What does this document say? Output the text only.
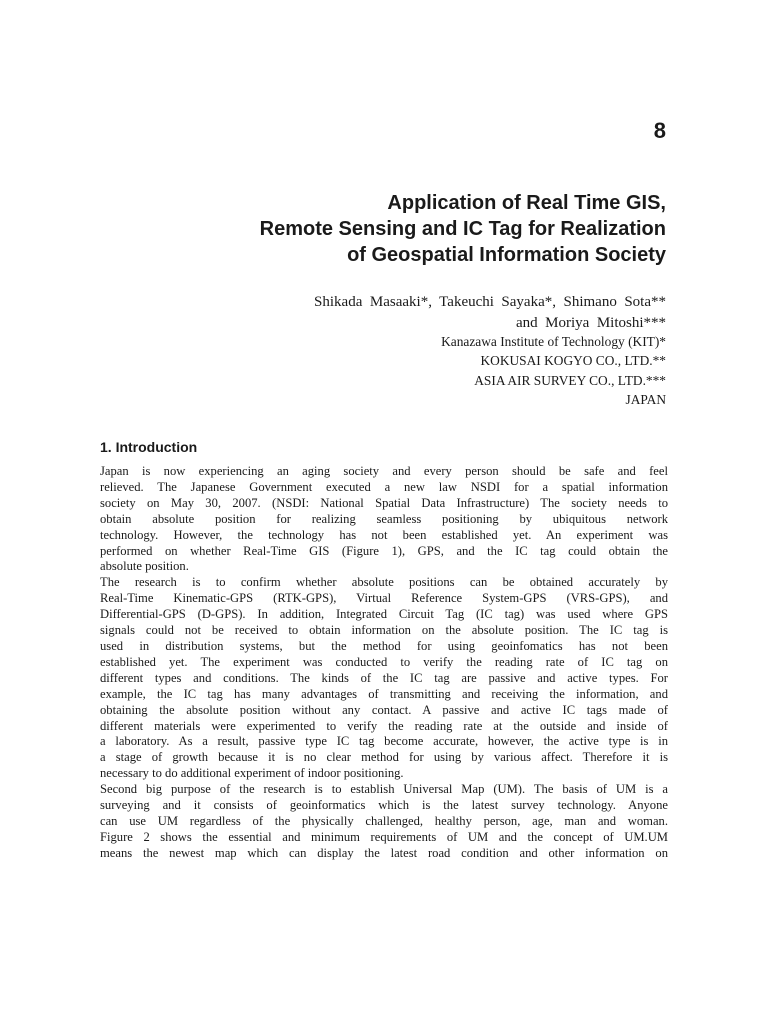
8
Application of Real Time GIS,
Remote Sensing and IC Tag for Realization
of Geospatial Information Society
Shikada  Masaaki*,  Takeuchi  Sayaka*,  Shimano  Sota**
and  Moriya  Mitoshi***
Kanazawa Institute of Technology (KIT)*
KOKUSAI KOGYO CO., LTD.**
ASIA AIR SURVEY CO., LTD.***
JAPAN
1. Introduction
Japan is now experiencing an aging society and every person should be safe and feel
relieved. The Japanese Government executed a new law NSDI for a spatial information
society on May 30, 2007. (NSDI: National Spatial Data Infrastructure) The society needs to
obtain absolute position for realizing seamless positioning by ubiquitous network
technology. However, the technology has not been established yet. An experiment was
performed on whether Real-Time GIS (Figure 1), GPS, and the IC tag could obtain the
absolute position.
The research is to confirm whether absolute positions can be obtained accurately by
Real-Time Kinematic-GPS (RTK-GPS), Virtual Reference System-GPS (VRS-GPS), and
Differential-GPS (D-GPS). In addition, Integrated Circuit Tag (IC tag) was used where GPS
signals could not be received to obtain information on the absolute position. The IC tag is
used in distribution systems, but the method for using geoinfomatics has not been
established yet. The experiment was conducted to verify the reading rate of IC tag on
different types and conditions. The kinds of the IC tag are passive and active types. For
example, the IC tag has many advantages of transmitting and receiving the information, and
obtaining the absolute position without any contact. A passive and active IC tags made of
different materials were experimented to verify the reading rate at the outside and inside of
a laboratory. As a result, passive type IC tag become accurate, however, the active type is in
a stage of growth because it is no clear method for using by various affect. Therefore it is
necessary to do additional experiment of indoor positioning.
Second big purpose of the research is to establish Universal Map (UM). The basis of UM is a
surveying and it consists of geoinformatics which is the latest survey technology. Anyone
can use UM regardless of the physically challenged, healthy person, age, man and woman.
Figure 2 shows the essential and minimum requirements of UM and the concept of UM.UM
means the newest map which can display the latest road condition and other information on
